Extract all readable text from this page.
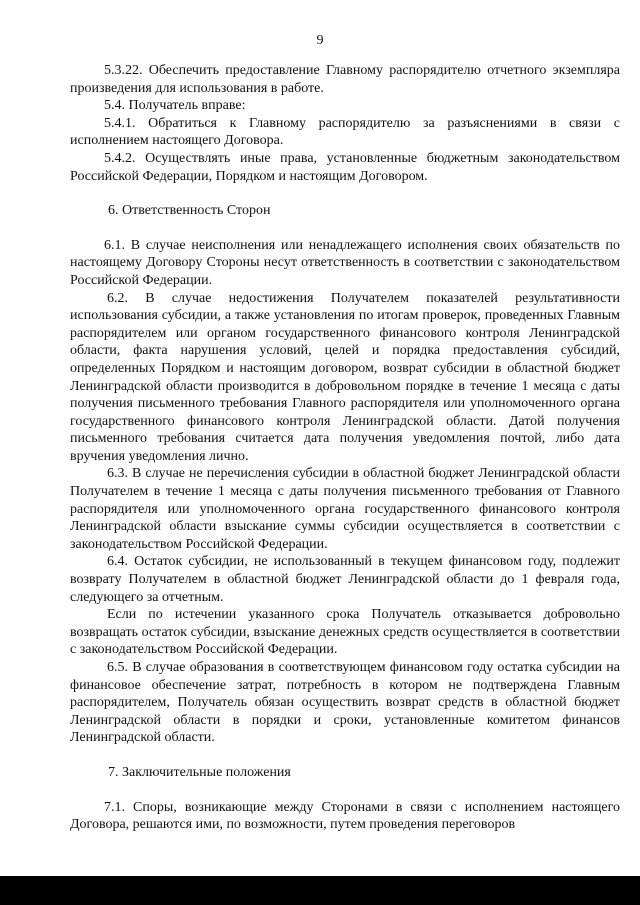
9

5.3.22. Обеспечить предоставление Главному распорядителю отчетного экземпляра произведения для использования в работе.

5.4. Получатель вправе:

5.4.1. Обратиться к Главному распорядителю за разъяснениями в связи с исполнением настоящего Договора.

5.4.2. Осуществлять иные права, установленные бюджетным законодательством Российской Федерации, Порядком и настоящим Договором.

6. Ответственность Сторон

6.1. В случае неисполнения или ненадлежащего исполнения своих обязательств по настоящему Договору Стороны несут ответственность в соответствии с законодательством Российской Федерации.

6.2. В случае недостижения Получателем показателей результативности использования субсидии, а также установления по итогам проверок, проведенных Главным распорядителем или органом государственного финансового контроля Ленинградской области, факта нарушения условий, целей и порядка предоставления субсидий, определенных Порядком и настоящим договором, возврат субсидии в областной бюджет Ленинградской области производится в добровольном порядке в течение 1 месяца с даты получения письменного требования Главного распорядителя или уполномоченного органа государственного финансового контроля Ленинградской области. Датой получения письменного требования считается дата получения уведомления почтой, либо дата вручения уведомления лично.

6.3. В случае не перечисления субсидии в областной бюджет Ленинградской области Получателем в течение 1 месяца с даты получения письменного требования от Главного распорядителя или уполномоченного органа государственного финансового контроля Ленинградской области взыскание суммы субсидии осуществляется в соответствии с законодательством Российской Федерации.

6.4. Остаток субсидии, не использованный в текущем финансовом году, подлежит возврату Получателем в областной бюджет Ленинградской области до 1 февраля года, следующего за отчетным.

Если по истечении указанного срока Получатель отказывается добровольно возвращать остаток субсидии, взыскание денежных средств осуществляется в соответствии с законодательством Российской Федерации.

6.5. В случае образования в соответствующем финансовом году остатка субсидии на финансовое обеспечение затрат, потребность в котором не подтверждена Главным распорядителем, Получатель обязан осуществить возврат средств в областной бюджет Ленинградской области в порядки и сроки, установленные комитетом финансов Ленинградской области.

7. Заключительные положения

7.1. Споры, возникающие между Сторонами в связи с исполнением настоящего Договора, решаются ими, по возможности, путем проведения переговоров
